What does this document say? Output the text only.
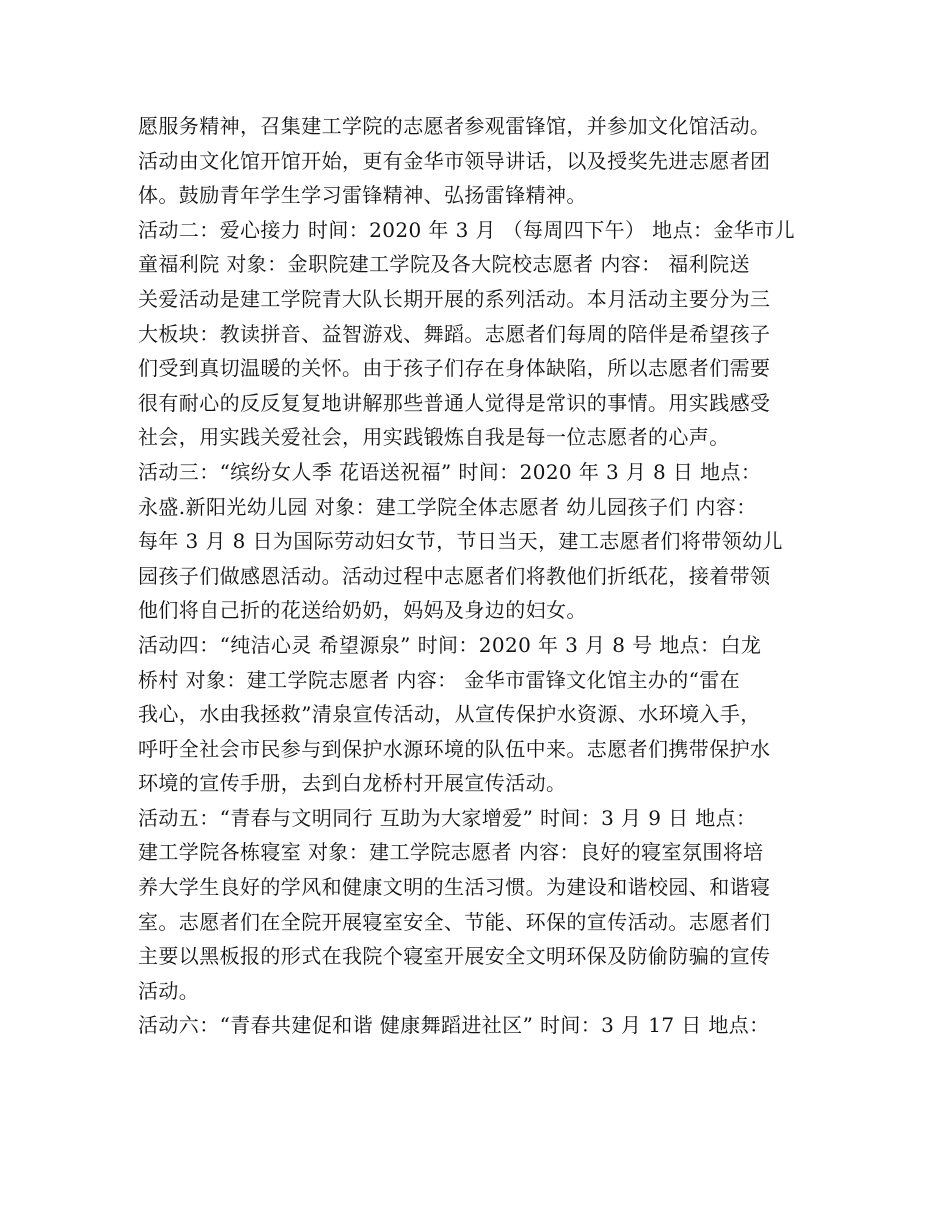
愿服务精神，召集建工学院的志愿者参观雷锋馆，并参加文化馆活动。
活动由文化馆开馆开始，更有金华市领导讲话，以及授奖先进志愿者团
体。鼓励青年学生学习雷锋精神、弘扬雷锋精神。
活动二：爱心接力 时间：2020 年 3 月 （每周四下午） 地点：金华市儿
童福利院 对象：金职院建工学院及各大院校志愿者 内容： 福利院送
关爱活动是建工学院青大队长期开展的系列活动。本月活动主要分为三
大板块：教读拼音、益智游戏、舞蹈。志愿者们每周的陪伴是希望孩子
们受到真切温暖的关怀。由于孩子们存在身体缺陷，所以志愿者们需要
很有耐心的反反复复地讲解那些普通人觉得是常识的事情。用实践感受
社会，用实践关爱社会，用实践锻炼自我是每一位志愿者的心声。
活动三：“缤纷女人季 花语送祝福” 时间：2020 年 3 月 8 日 地点：
永盛.新阳光幼儿园 对象：建工学院全体志愿者 幼儿园孩子们 内容：
每年 3 月 8 日为国际劳动妇女节，节日当天，建工志愿者们将带领幼儿
园孩子们做感恩活动。活动过程中志愿者们将教他们折纸花，接着带领
他们将自己折的花送给奶奶，妈妈及身边的妇女。
活动四：“纯洁心灵 希望源泉” 时间：2020 年 3 月 8 号 地点：白龙
桥村 对象：建工学院志愿者 内容： 金华市雷锋文化馆主办的“雷在
我心，水由我拯救”清泉宣传活动，从宣传保护水资源、水环境入手，
呼吁全社会市民参与到保护水源环境的队伍中来。志愿者们携带保护水
环境的宣传手册，去到白龙桥村开展宣传活动。
活动五：“青春与文明同行 互助为大家增爱” 时间：3 月 9 日 地点：
建工学院各栋寝室 对象：建工学院志愿者 内容：良好的寝室氛围将培
养大学生良好的学风和健康文明的生活习惯。为建设和谐校园、和谐寝
室。志愿者们在全院开展寝室安全、节能、环保的宣传活动。志愿者们
主要以黑板报的形式在我院个寝室开展安全文明环保及防偷防骗的宣传
活动。
活动六：“青春共建促和谐 健康舞蹈进社区” 时间：3 月 17 日 地点：
